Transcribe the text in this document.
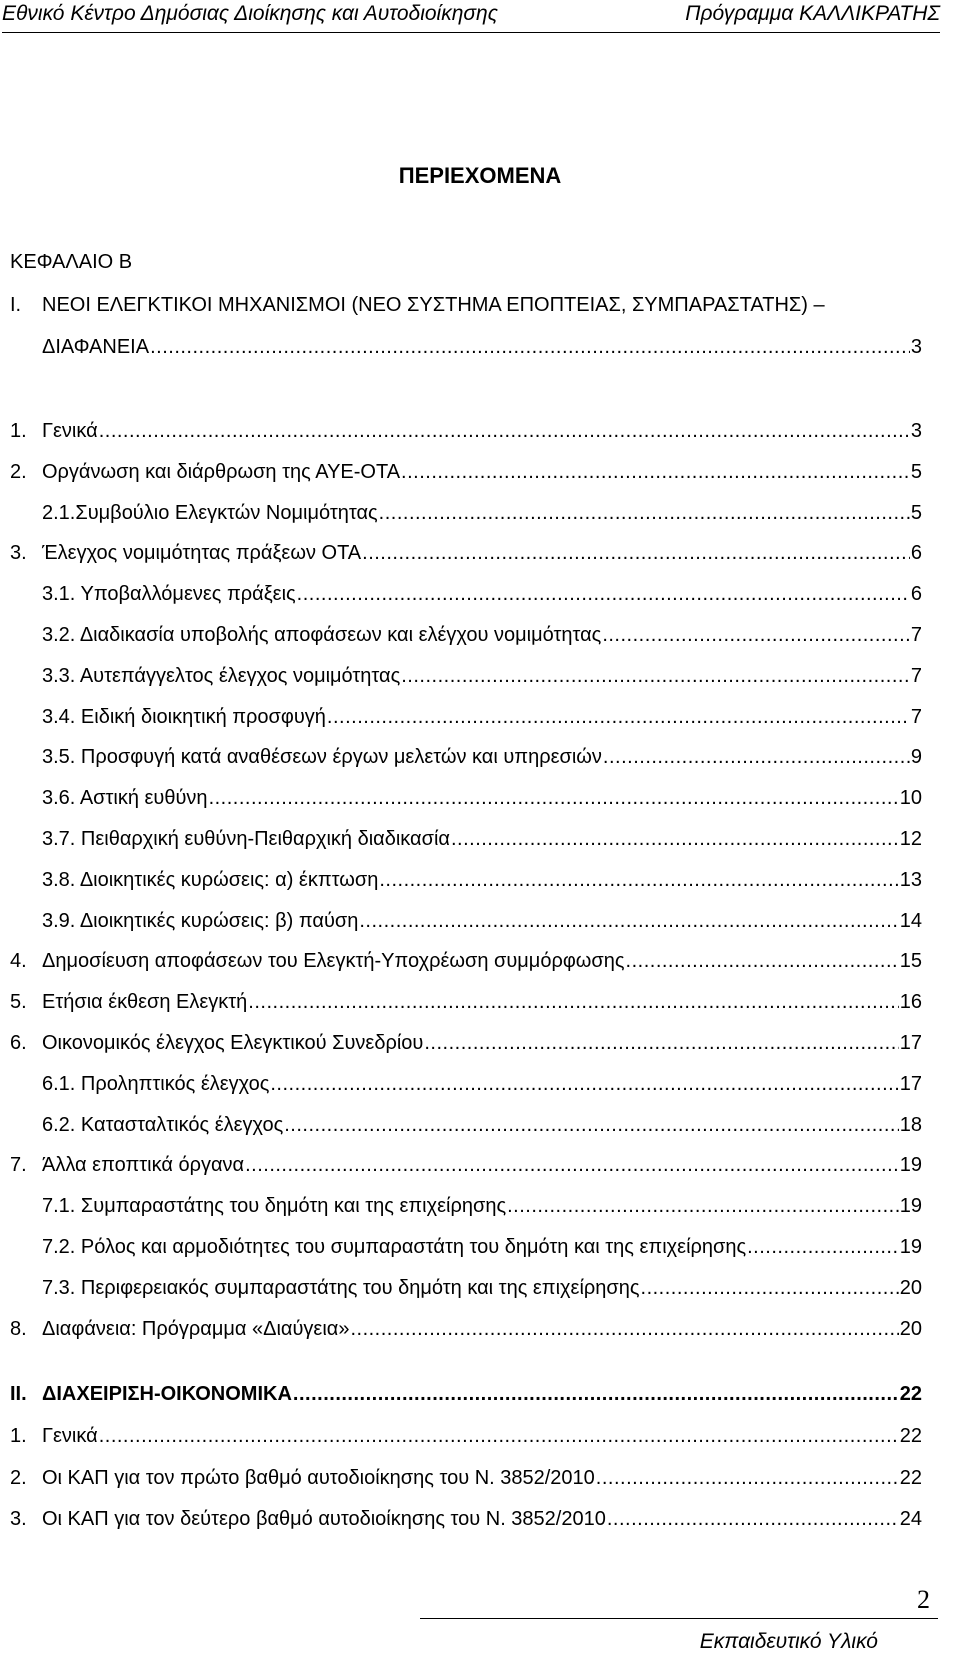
Εθνικό Κέντρο Δημόσιας Διοίκησης και Αυτοδιοίκησης	Πρόγραμμα ΚΑΛΛΙΚΡΑΤΗΣ
ΠΕΡΙΕΧΟΜΕΝΑ
ΚΕΦΑΛΑΙΟ Β
Ι.	ΝΕΟΙ ΕΛΕΓΚΤΙΚΟΙ ΜΗΧΑΝΙΣΜΟΙ (ΝΕΟ ΣΥΣΤΗΜΑ ΕΠΟΠΤΕΙΑΣ, ΣΥΜΠΑΡΑΣΤΑΤΗΣ) –
ΔΙΑΦΑΝΕΙΑ .....	3
1. Γενικά .....	3
2. Οργάνωση και διάρθρωση της ΑΥΕ-ΟΤΑ .....	5
2.1.Συμβούλιο Ελεγκτών Νομιμότητας .....	5
3. Έλεγχος νομιμότητας πράξεων ΟΤΑ .....	6
3.1. Υποβαλλόμενες πράξεις .....	6
3.2. Διαδικασία υποβολής αποφάσεων και ελέγχου νομιμότητας .....	7
3.3. Αυτεπάγγελτος έλεγχος νομιμότητας .....	7
3.4. Ειδική διοικητική προσφυγή .....	7
3.5. Προσφυγή κατά αναθέσεων έργων μελετών και υπηρεσιών .....	9
3.6. Αστική ευθύνη .....	10
3.7. Πειθαρχική ευθύνη-Πειθαρχική διαδικασία .....	12
3.8. Διοικητικές κυρώσεις: α) έκπτωση .....	13
3.9. Διοικητικές κυρώσεις: β) παύση .....	14
4. Δημοσίευση αποφάσεων του Ελεγκτή-Υποχρέωση συμμόρφωσης .....	15
5. Ετήσια έκθεση Ελεγκτή .....	16
6. Οικονομικός έλεγχος Ελεγκτικού Συνεδρίου .....	17
6.1. Προληπτικός έλεγχος .....	17
6.2. Κατασταλτικός έλεγχος .....	18
7. Άλλα εποπτικά όργανα .....	19
7.1. Συμπαραστάτης του δημότη και της επιχείρησης .....	19
7.2. Ρόλος και αρμοδιότητες του συμπαραστάτη του δημότη και της επιχείρησης .....	19
7.3. Περιφερειακός συμπαραστάτης του δημότη και της επιχείρησης .....	20
8. Διαφάνεια: Πρόγραμμα «Διαύγεια» .....	20
ΙΙ. ΔΙΑΧΕΙΡΙΣΗ-ΟΙΚΟΝΟΜΙΚΑ .....	22
1. Γενικά .....	22
2. Οι ΚΑΠ για τον πρώτο βαθμό αυτοδιοίκησης του Ν. 3852/2010 .....	22
3. Οι ΚΑΠ για τον δεύτερο βαθμό αυτοδιοίκησης του Ν. 3852/2010 .....	24
2
Εκπαιδευτικό Υλικό
